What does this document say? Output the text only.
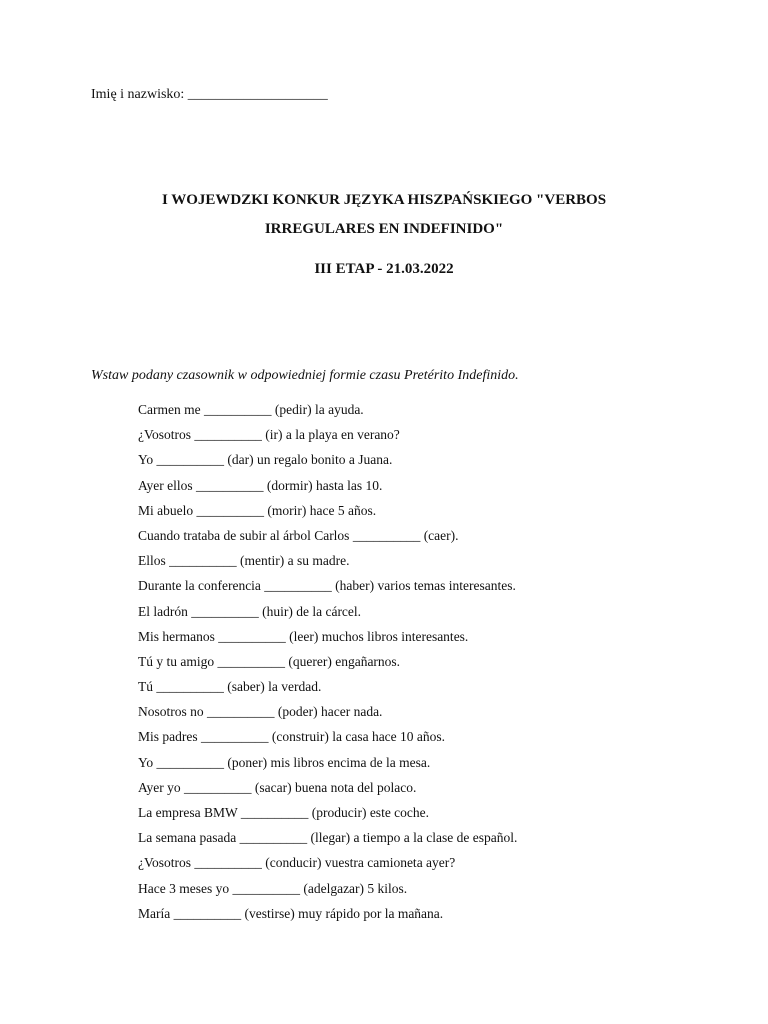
Imię i nazwisko: ____________________
I WOJEWDZKI KONKUR JĘZYKA HISZPAŃSKIEGO "VERBOS
IRREGULARES EN INDEFINIDO"
III ETAP - 21.03.2022
Wstaw podany czasownik w odpowiedniej formie czasu Pretérito Indefinido.
Carmen me __________ (pedir) la ayuda.
¿Vosotros __________ (ir) a la playa en verano?
Yo __________ (dar) un regalo bonito a Juana.
Ayer ellos __________ (dormir) hasta las 10.
Mi abuelo __________ (morir) hace 5 años.
Cuando trataba de subir al árbol Carlos __________ (caer).
Ellos __________ (mentir) a su madre.
Durante la conferencia __________ (haber) varios temas interesantes.
El ladrón __________ (huir) de la cárcel.
Mis hermanos __________ (leer) muchos libros interesantes.
Tú y tu amigo __________ (querer) engañarnos.
Tú __________ (saber) la verdad.
Nosotros no __________ (poder) hacer nada.
Mis padres __________ (construir) la casa hace 10 años.
Yo __________ (poner) mis libros encima de la mesa.
Ayer yo __________ (sacar) buena nota del polaco.
La empresa BMW __________ (producir) este coche.
La semana pasada __________ (llegar) a tiempo a la clase de español.
¿Vosotros __________ (conducir) vuestra camioneta ayer?
Hace 3 meses yo __________ (adelgazar) 5 kilos.
María __________ (vestirse) muy rápido por la mañana.
